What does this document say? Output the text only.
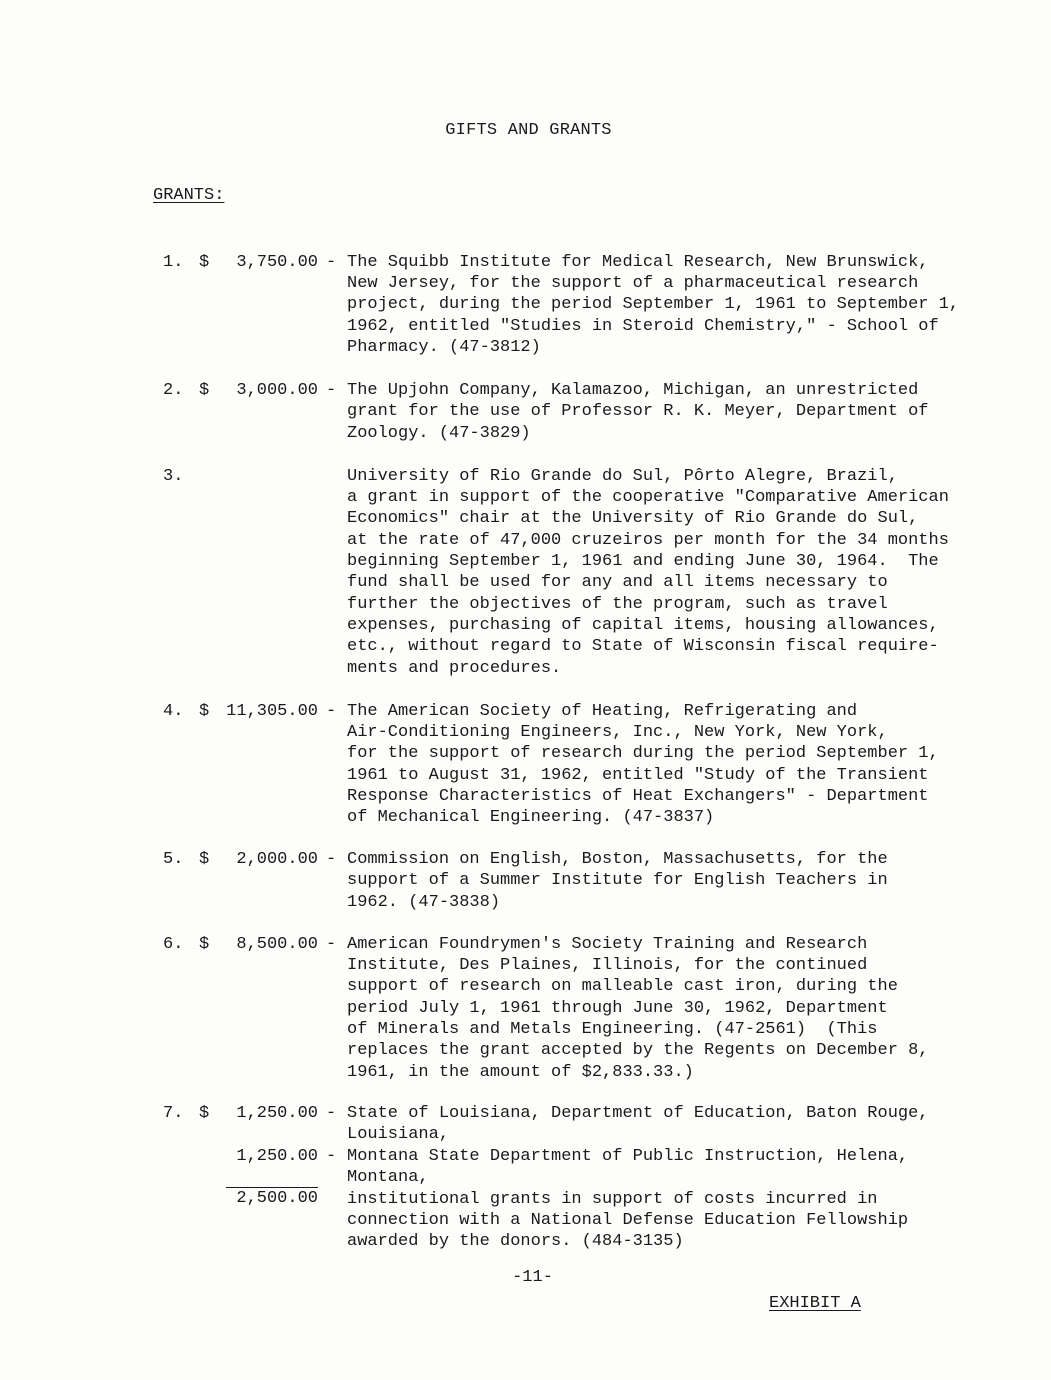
GIFTS AND GRANTS
GRANTS:
1. $	3,750.00 - The Squibb Institute for Medical Research, New Brunswick,
New Jersey, for the support of a pharmaceutical research
project, during the period September 1, 1961 to September 1,
1962, entitled "Studies in Steroid Chemistry," - School of
Pharmacy. (47-3812)
2. $	3,000.00 - The Upjohn Company, Kalamazoo, Michigan, an unrestricted
grant for the use of Professor R. K. Meyer, Department of
Zoology. (47-3829)
3.	University of Rio Grande do Sul, Pôrto Alegre, Brazil,
a grant in support of the cooperative "Comparative American
Economics" chair at the University of Rio Grande do Sul,
at the rate of 47,000 cruzeiros per month for the 34 months
beginning September 1, 1961 and ending June 30, 1964.  The
fund shall be used for any and all items necessary to
further the objectives of the program, such as travel
expenses, purchasing of capital items, housing allowances,
etc., without regard to State of Wisconsin fiscal require-
ments and procedures.
4. $ 11,305.00 - The American Society of Heating, Refrigerating and
Air-Conditioning Engineers, Inc., New York, New York,
for the support of research during the period September 1,
1961 to August 31, 1962, entitled "Study of the Transient
Response Characteristics of Heat Exchangers" - Department
of Mechanical Engineering. (47-3837)
5. $	2,000.00 - Commission on English, Boston, Massachusetts, for the
support of a Summer Institute for English Teachers in
1962. (47-3838)
6. $	8,500.00 - American Foundrymen's Society Training and Research
Institute, Des Plaines, Illinois, for the continued
support of research on malleable cast iron, during the
period July 1, 1961 through June 30, 1962, Department
of Minerals and Metals Engineering. (47-2561)  (This
replaces the grant accepted by the Regents on December 8,
1961, in the amount of $2,833.33.)
7. $	1,250.00 - State of Louisiana, Department of Education, Baton Rouge,
Louisiana,
1,250.00 - Montana State Department of Public Instruction, Helena,
Montana,
2,500.00 institutional grants in support of costs incurred in
connection with a National Defense Education Fellowship
awarded by the donors. (484-3135)
-11-
EXHIBIT A
